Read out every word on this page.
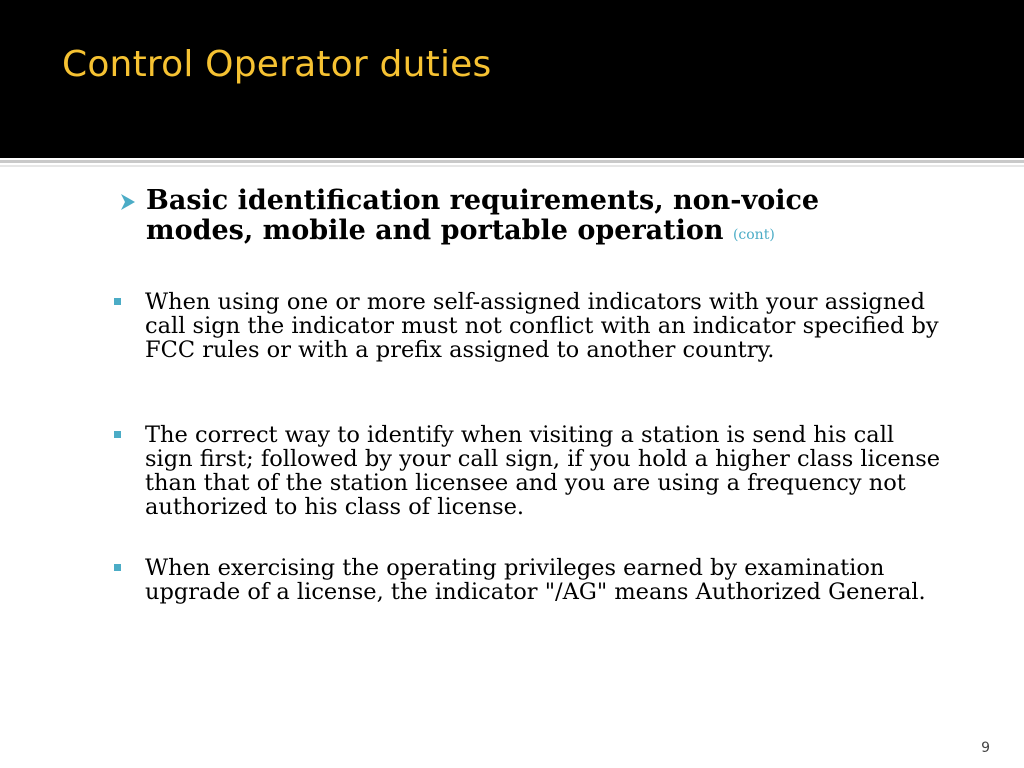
Control Operator duties
Basic identification requirements, non-voice modes, mobile and portable operation (cont)
When using one or more self-assigned indicators with your assigned call sign the indicator must not conflict with an indicator specified by FCC rules or with a prefix assigned to another country.
The correct way to identify when visiting a station is send his call sign first; followed by your call sign, if you hold a higher class license than that of the station licensee and you are using a frequency not authorized to his class of license.
When exercising the operating privileges earned by examination upgrade of a license, the indicator "/AG" means Authorized General.
9
